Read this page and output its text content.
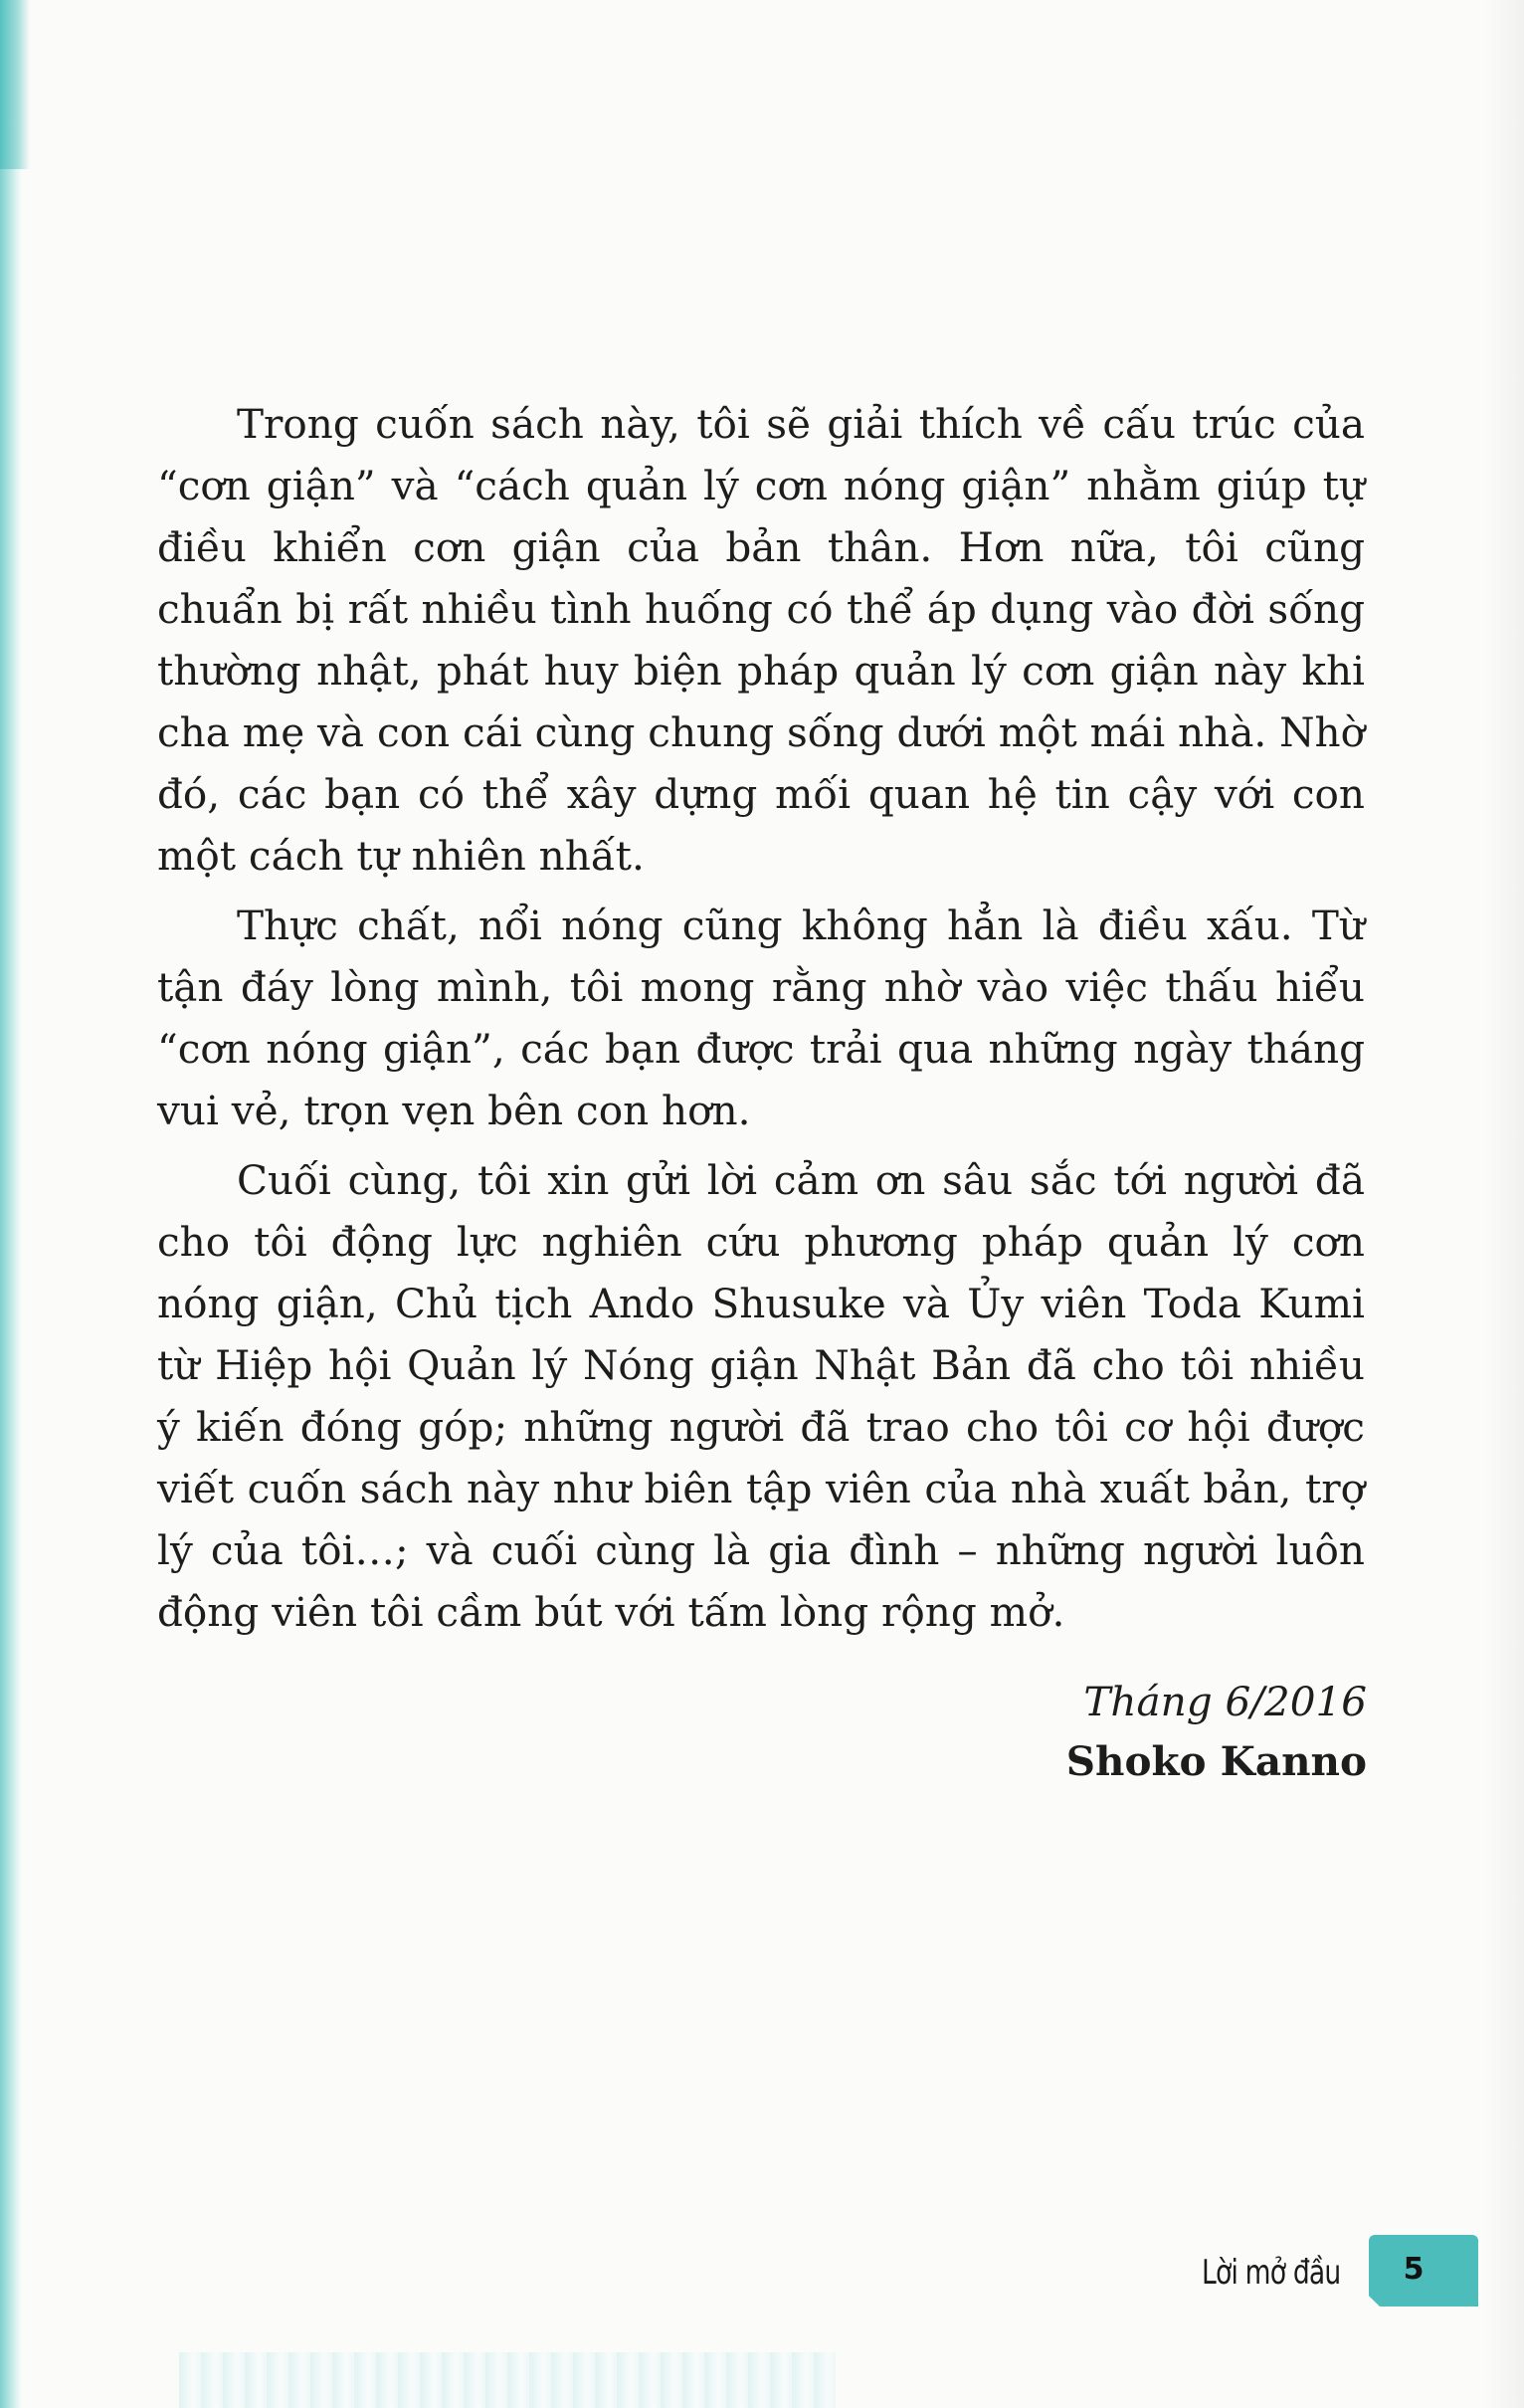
Trong cuốn sách này, tôi sẽ giải thích về cấu trúc của “cơn giận” và “cách quản lý cơn nóng giận” nhằm giúp tự điều khiển cơn giận của bản thân. Hơn nữa, tôi cũng chuẩn bị rất nhiều tình huống có thể áp dụng vào đời sống thường nhật, phát huy biện pháp quản lý cơn giận này khi cha mẹ và con cái cùng chung sống dưới một mái nhà. Nhờ đó, các bạn có thể xây dựng mối quan hệ tin cậy với con một cách tự nhiên nhất.

Thực chất, nổi nóng cũng không hẳn là điều xấu. Từ tận đáy lòng mình, tôi mong rằng nhờ vào việc thấu hiểu “cơn nóng giận”, các bạn được trải qua những ngày tháng vui vẻ, trọn vẹn bên con hơn.

Cuối cùng, tôi xin gửi lời cảm ơn sâu sắc tới người đã cho tôi động lực nghiên cứu phương pháp quản lý cơn nóng giận, Chủ tịch Ando Shusuke và Ủy viên Toda Kumi từ Hiệp hội Quản lý Nóng giận Nhật Bản đã cho tôi nhiều ý kiến đóng góp; những người đã trao cho tôi cơ hội được viết cuốn sách này như biên tập viên của nhà xuất bản, trợ lý của tôi…; và cuối cùng là gia đình – những người luôn động viên tôi cầm bút với tấm lòng rộng mở.

Tháng 6/2016
Shoko Kanno
Lời mở đầu	5
